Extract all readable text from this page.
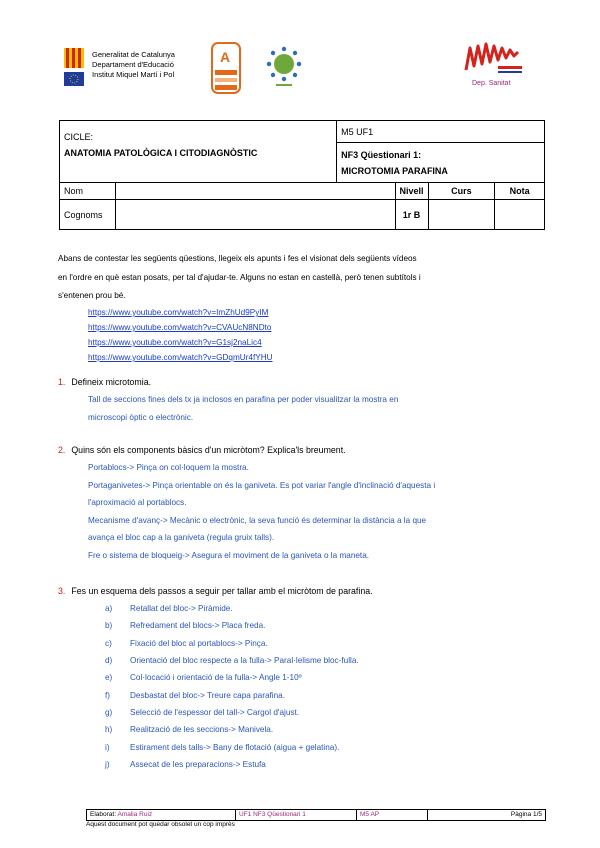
Generalitat de Catalunya
Departament d'Educació
Institut Miquel Martí i Pol
A
Dep. Sanitat
CICLE:		M5 UF1			
ANATOMIA PATOLÒGICA I CITODIAGNÒSTIC		NF3 Qüestionari 1:
MICROTOMIA PARAFINA			

Nom			Nivell	Curs	Nota
Cognoms			1r B		
Abans de contestar les següents qüestions, llegeix els apunts i fes el visionat dels següents vídeos
en l'ordre en què estan posats, per tal d'ajudar-te. Alguns no estan en castellà, però tenen subtítols i
s'entenen prou bé.
https://www.youtube.com/watch?v=ImZhUd9PyIM
https://www.youtube.com/watch?v=CVAUcN8NDto
https://www.youtube.com/watch?v=G1sj2naLic4
https://www.youtube.com/watch?v=GDqmUr4fYHU
1. Defineix microtomia.
Tall de seccions fines dels tx ja inclosos en parafina per poder visualitzar la mostra en
microscopi òptic o electrònic.
2. Quins són els components bàsics d'un micròtom? Explica'ls breument.
Portablocs-> Pinça on col·loquem la mostra.
Portaganivetes-> Pinça orientable on és la ganiveta. Es pot variar l'angle d'inclinació d'aquesta i
l'aproximació al portablocs.
Mecanisme d'avanç-> Mecànic o electrònic, la seva funció és determinar la distància a la que
avança el bloc cap a la ganiveta (regula gruix talls).
Fre o sistema de bloqueig-> Asegura el moviment de la ganiveta o la maneta.
3. Fes un esquema dels passos a seguir per tallar amb el micròtom de parafina.
a)	Retallat del bloc-> Piràmide.
b)	Refredament del blocs-> Placa freda.
c)	Fixació del bloc al portablocs-> Pinça.
d)	Orientació del bloc respecte a la fulla-> Paral·lelisme bloc-fulla.
e)	Col·locació i orientació de la fulla-> Angle 1-10º
f)	Desbastat del bloc-> Treure capa parafina.
g)	Selecció de l'espessor del tall-> Cargol d'ajust.
h)	Realització de les seccions-> Manivela.
i)	Estirament dels talls-> Bany de flotació (aigua + gelatina).
j)	Assecat de les preparacions-> Estufa
Elaborat: Amalia Ruiz	UF1 NF3 Qüestionari 1	M5 AP	Pàgina 1/5
Aquest document pot quedar obsolet un cop imprès
